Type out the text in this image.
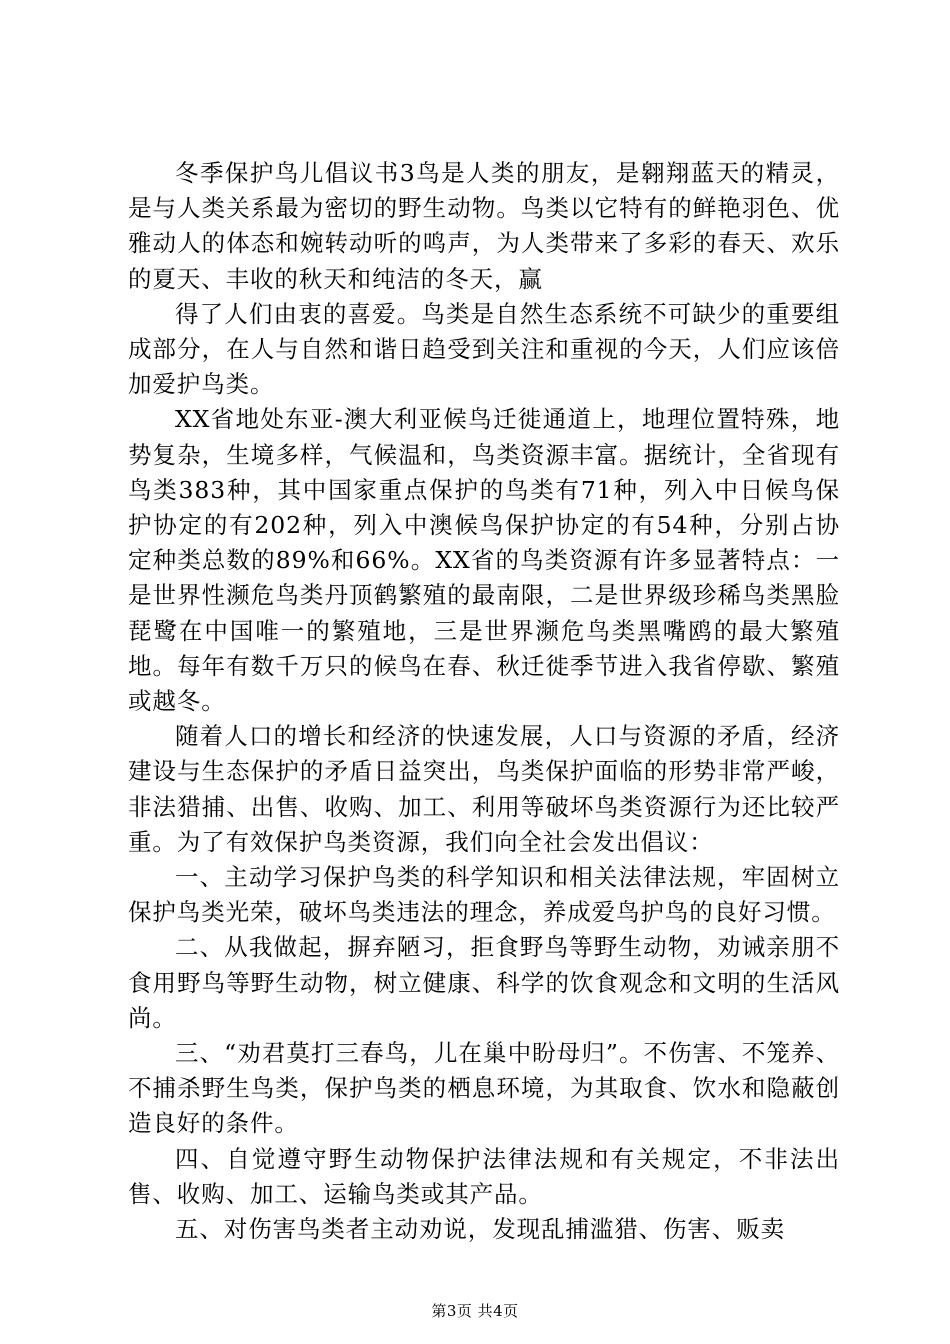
冬季保护鸟儿倡议书3鸟是人类的朋友，是翱翔蓝天的精灵，是与人类关系最为密切的野生动物。鸟类以它特有的鲜艳羽色、优雅动人的体态和婉转动听的鸣声，为人类带来了多彩的春天、欢乐的夏天、丰收的秋天和纯洁的冬天，赢

得了人们由衷的喜爱。鸟类是自然生态系统不可缺少的重要组成部分，在人与自然和谐日趋受到关注和重视的今天，人们应该倍加爱护鸟类。

XX省地处东亚-澳大利亚候鸟迁徙通道上，地理位置特殊，地势复杂，生境多样，气候温和，鸟类资源丰富。据统计，全省现有鸟类383种，其中国家重点保护的鸟类有71种，列入中日候鸟保护协定的有202种，列入中澳候鸟保护协定的有54种，分别占协定种类总数的89%和66%。XX省的鸟类资源有许多显著特点：一是世界性濒危鸟类丹顶鹤繁殖的最南限，二是世界级珍稀鸟类黑脸琵鹭在中国唯一的繁殖地，三是世界濒危鸟类黑嘴鸥的最大繁殖地。每年有数千万只的候鸟在春、秋迁徙季节进入我省停歇、繁殖或越冬。

随着人口的增长和经济的快速发展，人口与资源的矛盾，经济建设与生态保护的矛盾日益突出，鸟类保护面临的形势非常严峻，非法猎捕、出售、收购、加工、利用等破坏鸟类资源行为还比较严重。为了有效保护鸟类资源，我们向全社会发出倡议：

一、主动学习保护鸟类的科学知识和相关法律法规，牢固树立保护鸟类光荣，破坏鸟类违法的理念，养成爱鸟护鸟的良好习惯。

二、从我做起，摒弃陋习，拒食野鸟等野生动物，劝诫亲朋不食用野鸟等野生动物，树立健康、科学的饮食观念和文明的生活风尚。

三、“劝君莫打三春鸟，儿在巢中盼母归”。不伤害、不笼养、不捕杀野生鸟类，保护鸟类的栖息环境，为其取食、饮水和隐蔽创造良好的条件。

四、自觉遵守野生动物保护法律法规和有关规定，不非法出售、收购、加工、运输鸟类或其产品。

五、对伤害鸟类者主动劝说，发现乱捕滥猎、伤害、贩卖

第3页 共4页
